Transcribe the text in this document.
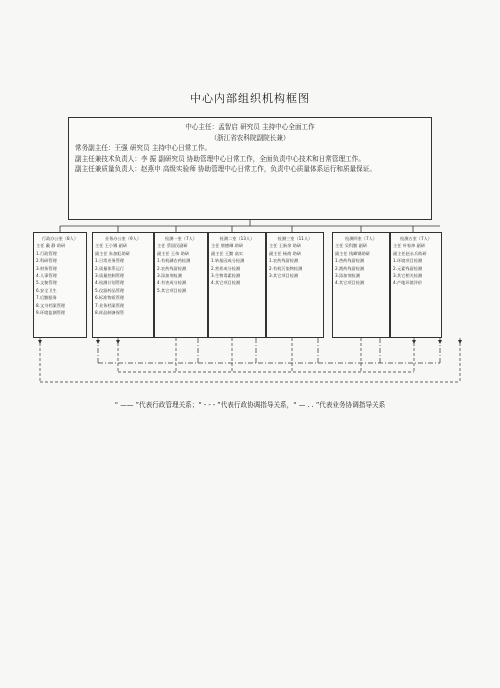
中心内部组织机构框图
中心主任：孟智启 研究员 主持中心全面工作
（浙江省农科院副院长兼）
常务副主任：王强 研究员 主持中心日常工作。
副主任兼技术负责人：李 振 副研究员 协助管理中心日常工作，全面负责中心技术和日常管理工作。
副主任兼质量负责人：赵燕申 高级实验师 协助管理中心日常工作，负责中心质量体系运行和质量保证。
行政办公室（8人）
主任 戴 静 助研
1.行政管理
2.科研管理
3.财务管理
4.人事管理
5.文秘管理
6.安全卫生
7.后勤服务
8.文书档案管理
9.环境监测管理
业务办公室（9人）
主任 王小娜 副研
副主任 朱加虹助研
1.日常业务管理
2.质量体系运行
3.质量控制管理
4.检测计划管理
5.仪器药品管理
6.标准物质管理
7.业务档案管理
8.样品制备保管
检测一室（7人）
主任 蔡国民副研
副主任 王伟 助研
1.有机磷农药检测
2.农药残留检测
3.添加剂检测
4.有害成分检测
5.其它项目检测
检测二室（13人）
主任 黎德琳 助研
副主任 王勤 高实
1.转基因成分检测
2.营养成分检测
3.生物毒素检测
4.其它项目检测
检测三室（11人）
主任 王新余 助研
副主任 杨商 助研
1.农药残留检测
2.有机污染物检测
3.其它项目检测
检测四室（7人）
主任 吴科勤 副研
副主任 钱峰钢助研
1.兽药残留检测
2.渔药残留检测
3.添加剂检测
4.其它项目检测
检测五室（7人）
主任 叶家炜 副研
副主任赵永兵助研
1.环境项目检测
2.元素残留检测
3.其它相关检测
4.产地环境评价
“ —— ”代表行政管理关系；“ - - - ”代表行政协调指导关系，“ — . . ”代表业务协调指导关系
